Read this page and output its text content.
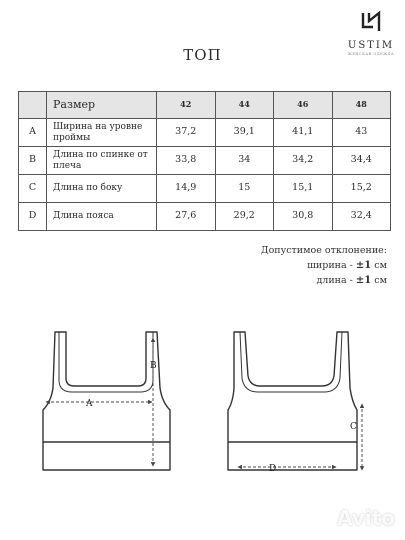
USTIM
ЖЕНСКАЯ ОДЕЖДА
ТОП
	Размер	42	44	46	48
A	Ширина на уровне проймы	37,2	39,1	41,1	43
B	Длина по спинке от плеча	33,8	34	34,2	34,4
C	Длина по боку	14,9	15	15,1	15,2
D	Длина пояса	27,6	29,2	30,8	32,4
Допустимое отклонение:
ширина - ±1 см
длина - ±1 см
A
B
C
D
Avito
